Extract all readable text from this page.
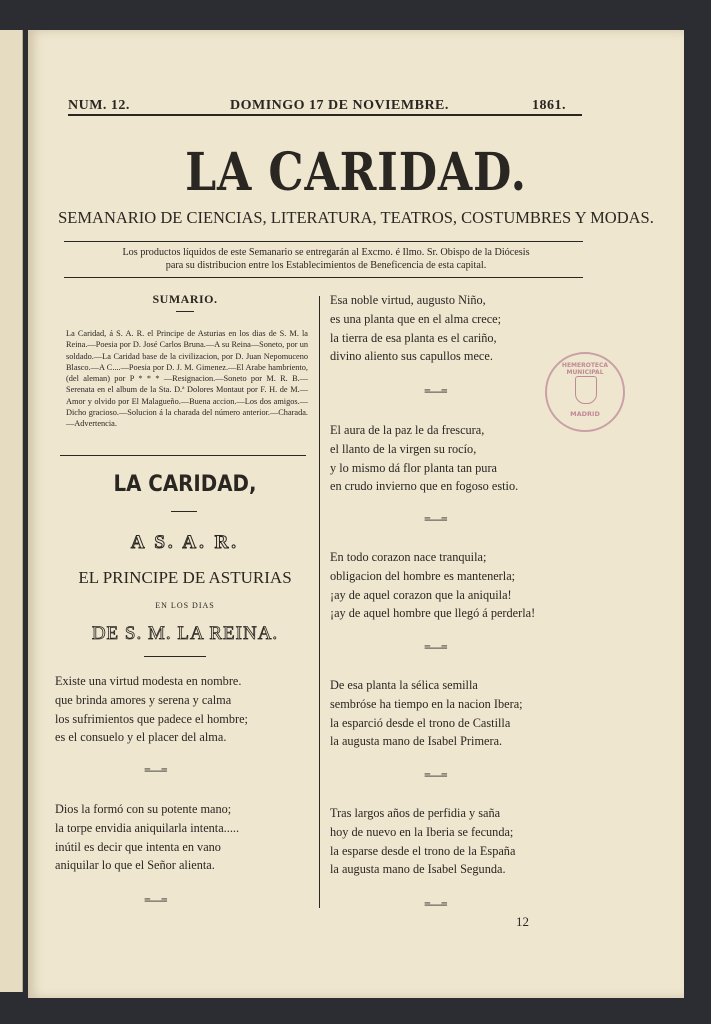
NUM. 12.	DOMINGO 17 DE NOVIEMBRE.	1861.
LA CARIDAD.
SEMANARIO DE CIENCIAS, LITERATURA, TEATROS, COSTUMBRES Y MODAS.
Los productos líquidos de este Semanario se entregarán al Excmo. é Ilmo. Sr. Obispo de la Diócesis
para su distribucion entre los Establecimientos de Beneficencia de esta capital.
SUMARIO.
La Caridad, á S. A. R. el Principe de Asturias en los dias de S. M. la Reina.—Poesia por D. José Carlos Bruna.—A su Reina—Soneto, por un soldado.—La Caridad base de la civilizacion, por D. Juan Nepomuceno Blasco.—A C....—Poesia por D. J. M. Gimenez.—El Arabe hambriento, (del aleman) por P * * * —Resignacion.—Soneto por M. R. B.—Serenata en el album de la Sta. D.ª Dolores Montaut por F. H. de M.—Amor y olvido por El Malagueño.—Buena accion.—Los dos amigos.—Dicho gracioso.—Solucion á la charada del número anterior.—Charada.—Advertencia.
LA CARIDAD,
A S. A. R.
EL PRINCIPE DE ASTURIAS
EN LOS DIAS
DE S. M. LA REINA.
Existe una virtud modesta en nombre.
que brinda amores y serena y calma
los sufrimientos que padece el hombre;
es el consuelo y el placer del alma.
=—=
Dios la formó con su potente mano;
la torpe envidia aniquilarla intenta.....
inútil es decir que intenta en vano
aniquilar lo que el Señor alienta.
=—=
Esa noble virtud, augusto Niño,
es una planta que en el alma crece;
la tierra de esa planta es el cariño,
divino aliento sus capullos mece.
=—=
El aura de la paz le da frescura,
el llanto de la virgen su rocío,
y lo mismo dá flor planta tan pura
en crudo invierno que en fogoso estio.
=—=
En todo corazon nace tranquila;
obligacion del hombre es mantenerla;
¡ay de aquel corazon que la aniquila!
¡ay de aquel hombre que llegó á perderla!
=—=
De esa planta la sélica semilla
sembróse ha tiempo en la nacion Ibera;
la esparció desde el trono de Castilla
la augusta mano de Isabel Primera.
=—=
Tras largos años de perfidia y saña
hoy de nuevo en la Iberia se fecunda;
la esparse desde el trono de la España
la augusta mano de Isabel Segunda.
=—=
12
HEMEROTECA MUNICIPAL
MADRID
